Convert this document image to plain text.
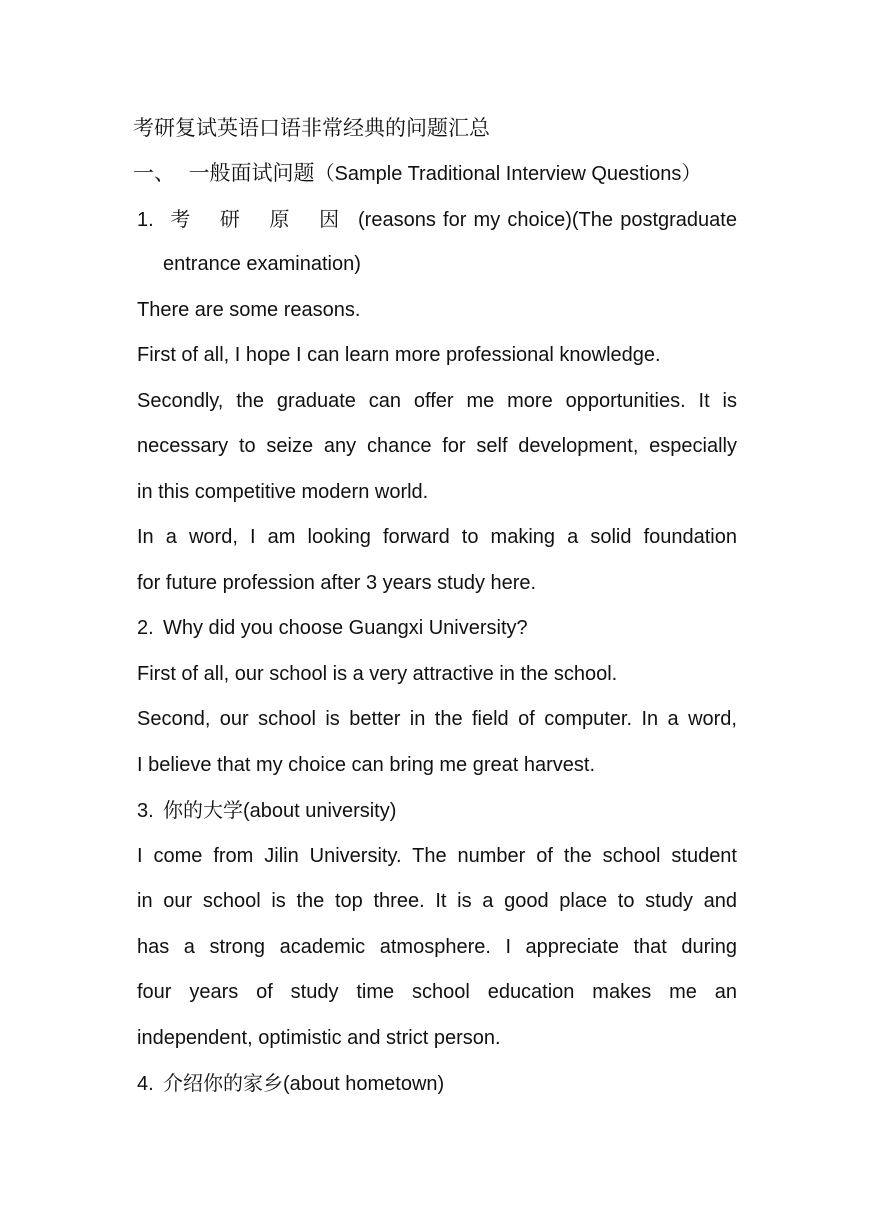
考研复试英语口语非常经典的问题汇总
一、 一般面试问题（Sample Traditional Interview Questions）
1. 考 研 原 因 (reasons for my choice)(The postgraduate
entrance examination)
There are some reasons.
First of all, I hope I can learn more professional knowledge.
Secondly, the graduate can offer me more opportunities. It is
necessary to seize any chance for self development, especially
in this competitive modern world.
In a word, I am looking forward to making a solid foundation
for future profession after 3 years study here.
2. Why did you choose Guangxi University?
First of all, our school is a very attractive in the school.
Second, our school is better in the field of computer. In a word,
I believe that my choice can bring me great harvest.
3. 你的大学(about university)
I come from Jilin University. The number of the school student
in our school is the top three. It is a good place to study and
has a strong academic atmosphere. I appreciate that during
four years of study time school education makes me an
independent, optimistic and strict person.
4. 介绍你的家乡(about hometown)
